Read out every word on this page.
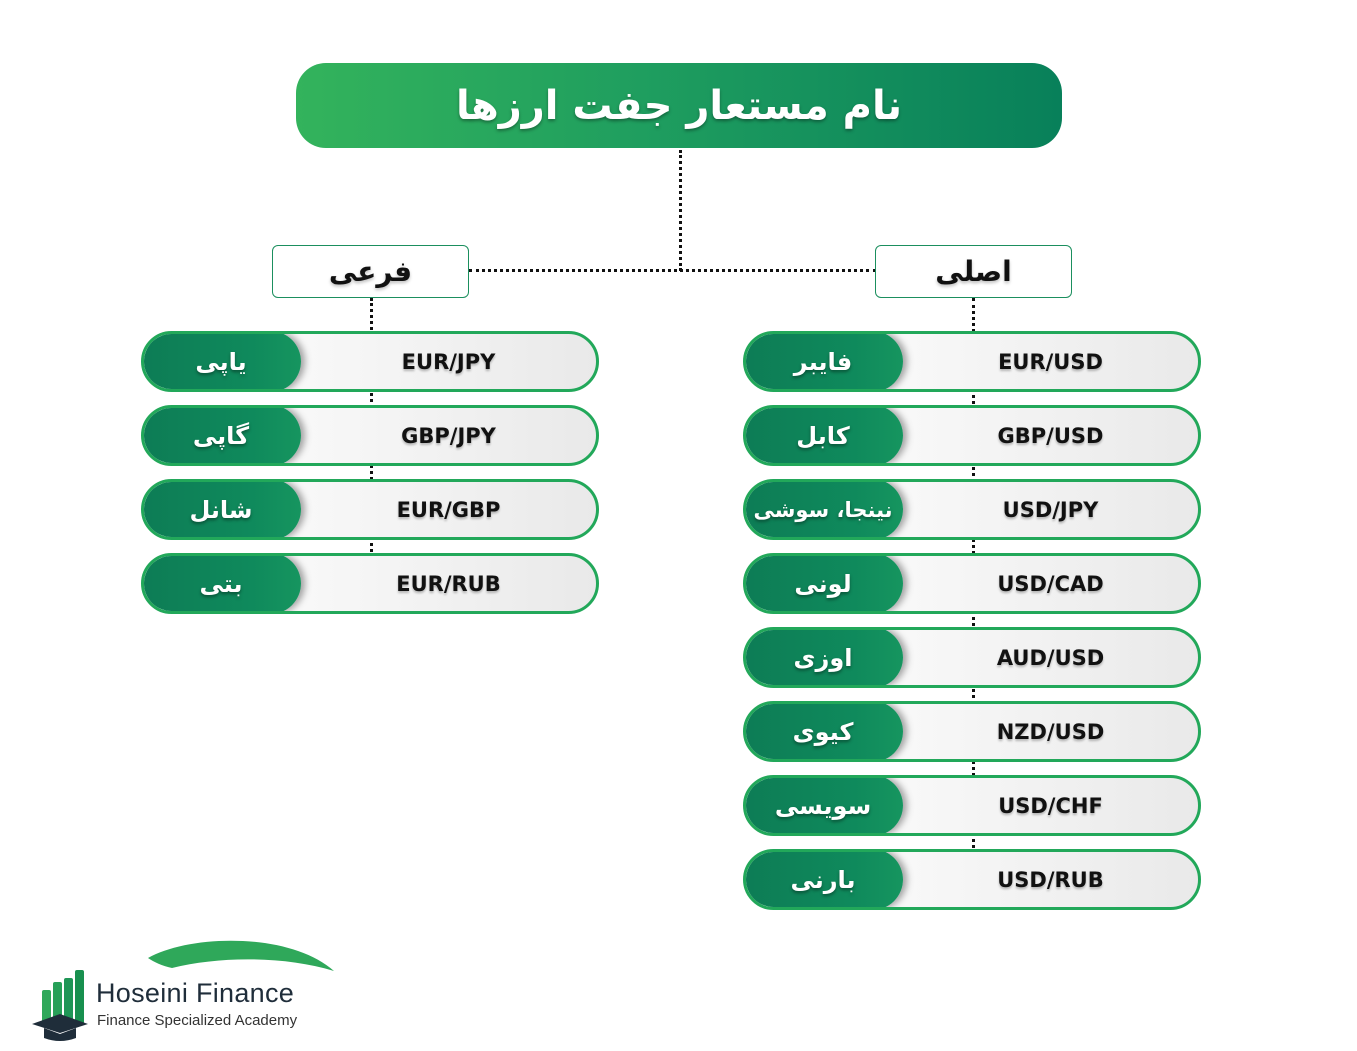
نام مستعار جفت ارزها
فرعی	اصلی
یاپی	EUR/JPY
گاپی	GBP/JPY
شانل	EUR/GBP
بتی	EUR/RUB
فایبر	EUR/USD
کابل	GBP/USD
نینجا، سوشی	USD/JPY
لونی	USD/CAD
اوزی	AUD/USD
کیوی	NZD/USD
سویسی	USD/CHF
بارنی	USD/RUB
Hoseini Finance
Finance Specialized Academy
